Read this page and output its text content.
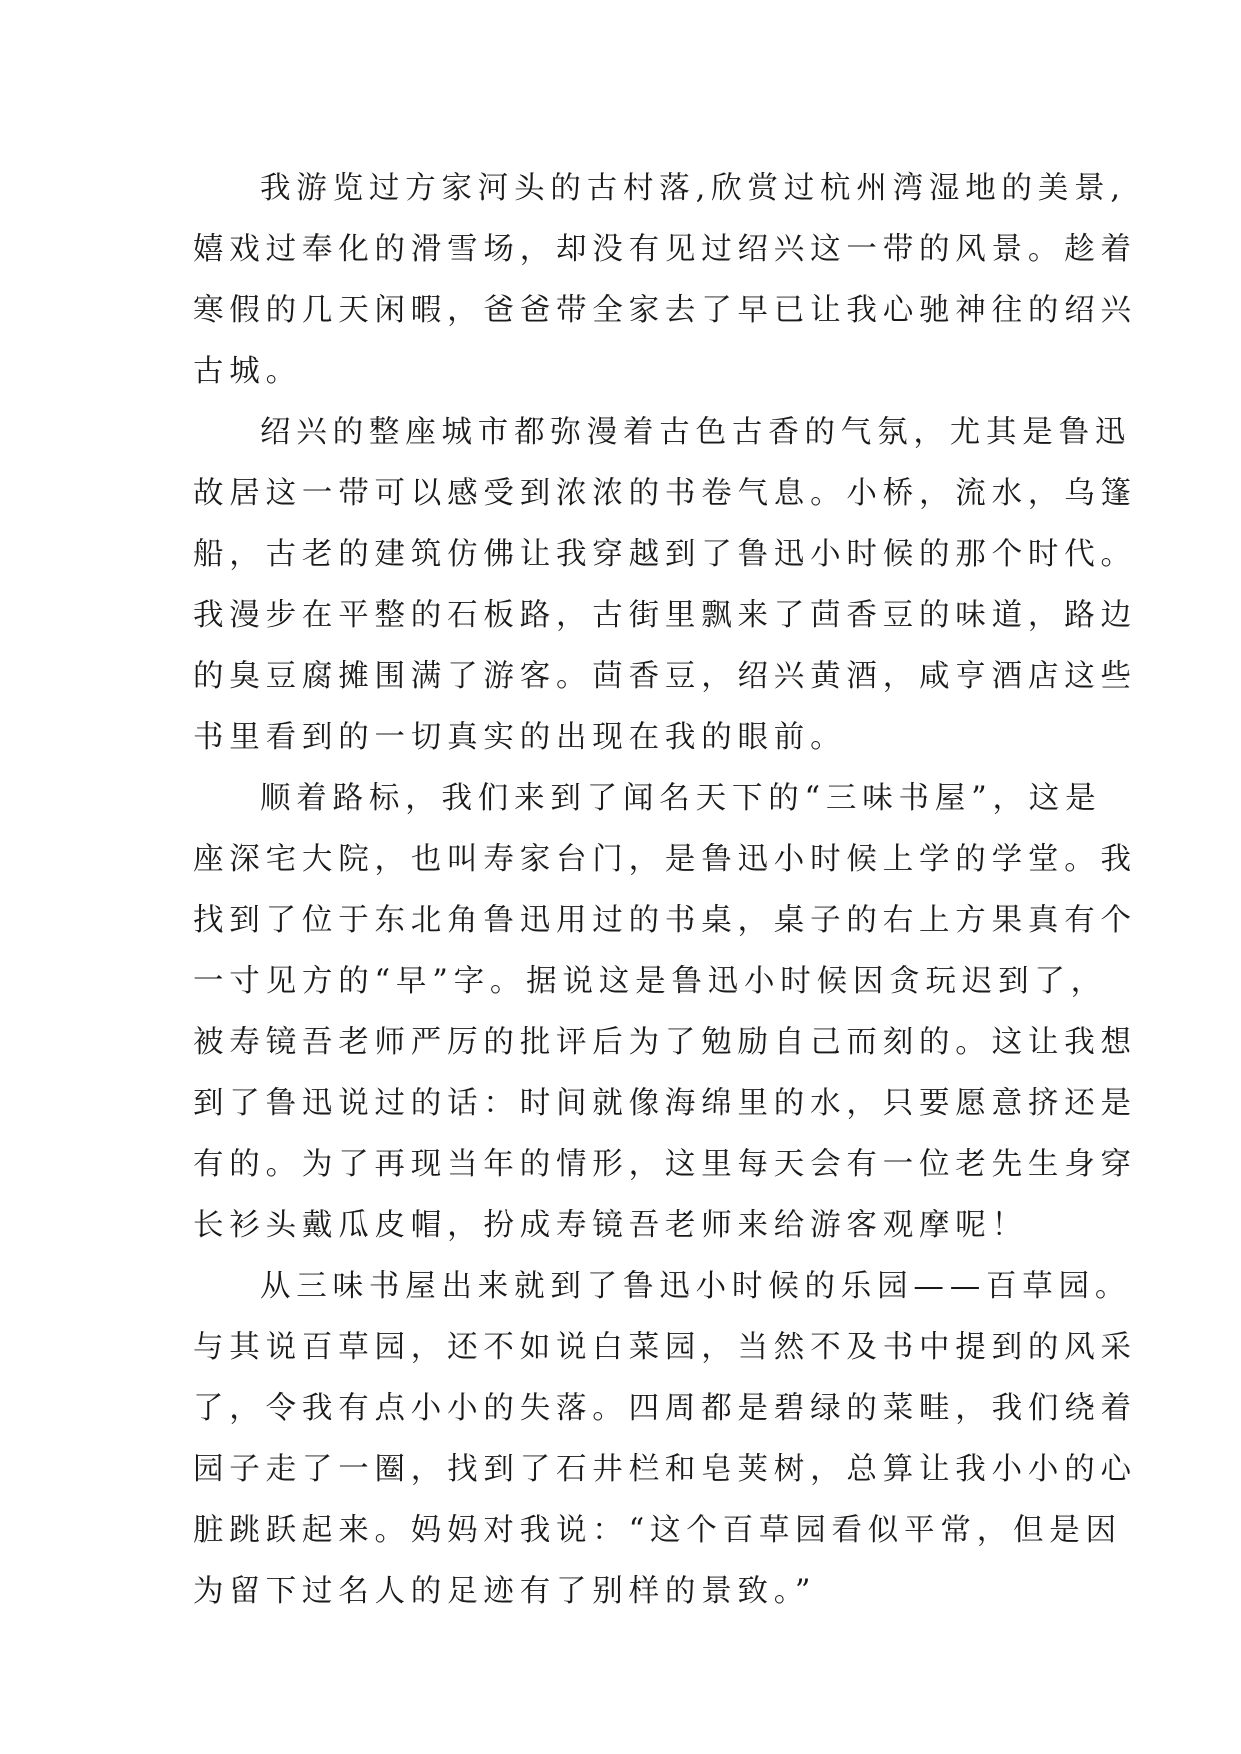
我游览过方家河头的古村落,欣赏过杭州湾湿地的美景,
嬉戏过奉化的滑雪场，却没有见过绍兴这一带的风景。趁着
寒假的几天闲暇，爸爸带全家去了早已让我心驰神往的绍兴
古城。
绍兴的整座城市都弥漫着古色古香的气氛，尤其是鲁迅
故居这一带可以感受到浓浓的书卷气息。小桥，流水，乌篷
船，古老的建筑仿佛让我穿越到了鲁迅小时候的那个时代。
我漫步在平整的石板路，古街里飘来了茴香豆的味道，路边
的臭豆腐摊围满了游客。茴香豆，绍兴黄酒，咸亨酒店这些
书里看到的一切真实的出现在我的眼前。
顺着路标，我们来到了闻名天下的“三味书屋”，这是
座深宅大院，也叫寿家台门，是鲁迅小时候上学的学堂。我
找到了位于东北角鲁迅用过的书桌，桌子的右上方果真有个
一寸见方的“早”字。据说这是鲁迅小时候因贪玩迟到了，
被寿镜吾老师严厉的批评后为了勉励自己而刻的。这让我想
到了鲁迅说过的话：时间就像海绵里的水，只要愿意挤还是
有的。为了再现当年的情形，这里每天会有一位老先生身穿
长衫头戴瓜皮帽，扮成寿镜吾老师来给游客观摩呢！
从三味书屋出来就到了鲁迅小时候的乐园——百草园。
与其说百草园，还不如说白菜园，当然不及书中提到的风采
了，令我有点小小的失落。四周都是碧绿的菜畦，我们绕着
园子走了一圈，找到了石井栏和皂荚树，总算让我小小的心
脏跳跃起来。妈妈对我说：“这个百草园看似平常，但是因
为留下过名人的足迹有了别样的景致。”
